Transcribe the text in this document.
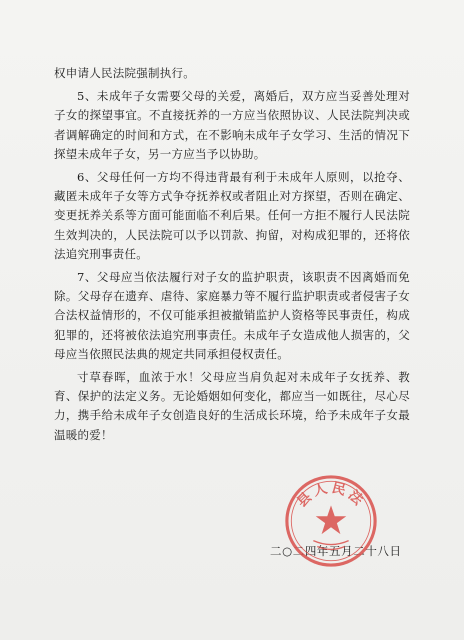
权申请人民法院强制执行。

5、未成年子女需要父母的关爱，离婚后，双方应当妥善处理对子女的探望事宜。不直接抚养的一方应当依照协议、人民法院判决或者调解确定的时间和方式，在不影响未成年子女学习、生活的情况下探望未成年子女，另一方应当予以协助。

6、父母任何一方均不得违背最有利于未成年人原则，以抢夺、藏匿未成年子女等方式争夺抚养权或者阻止对方探望，否则在确定、变更抚养关系等方面可能面临不利后果。任何一方拒不履行人民法院生效判决的，人民法院可以予以罚款、拘留，对构成犯罪的，还将依法追究刑事责任。

7、父母应当依法履行对子女的监护职责，该职责不因离婚而免除。父母存在遗弃、虐待、家庭暴力等不履行监护职责或者侵害子女合法权益情形的，不仅可能承担被撤销监护人资格等民事责任，构成犯罪的，还将被依法追究刑事责任。未成年子女造成他人损害的，父母应当依照民法典的规定共同承担侵权责任。

寸草春晖，血浓于水！父母应当肩负起对未成年子女抚养、教育、保护的法定义务。无论婚姻如何变化，都应当一如既往，尽心尽力，携手给未成年子女创造良好的生活成长环境，给予未成年子女最温暖的爱！

二○二四年五月二十八日
县人民法
